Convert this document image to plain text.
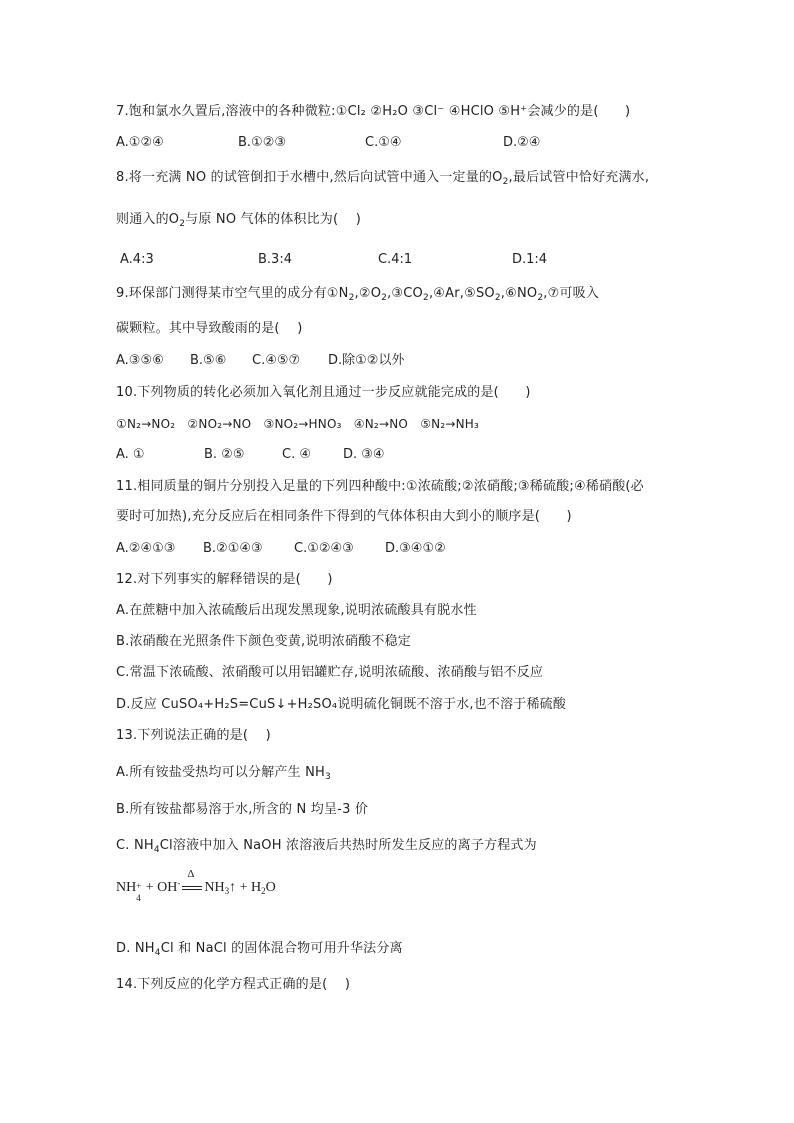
7.饱和氯水久置后,溶液中的各种微粒:①Cl₂ ②H₂O ③Cl⁻ ④HClO ⑤H⁺会减少的是(　　)
A.①②④	B.①②③	C.①④	D.②④
8.将一充满 NO 的试管倒扣于水槽中,然后向试管中通入一定量的$O_2$,最后试管中恰好充满水,
则通入的$O_2$与原 NO 气体的体积比为(　 )
A.4:3	B.3:4	C.4:1	D.1:4
9.环保部门测得某市空气里的成分有$①N_2,②O_2,③CO_2,④Ar,⑤SO_2,⑥NO_2,⑦$可吸入
碳颗粒。其中导致酸雨的是(　 )
A.③⑤⑥ B.⑤⑥ C.④⑤⑦ D.除①②以外
10.下列物质的转化必须加入氧化剂且通过一步反应就能完成的是(　　)
①N₂→NO₂　②NO₂→NO　③NO₂→HNO₃　④N₂→NO　⑤N₂→NH₃
A. ①	B. ②⑤	C. ④ D. ③④
11.相同质量的铜片分别投入足量的下列四种酸中:①浓硫酸;②浓硝酸;③稀硫酸;④稀硝酸(必
要时可加热),充分反应后在相同条件下得到的气体体积由大到小的顺序是(　　)
A.②④①③ B.②①④③ C.①②④③ D.③④①②
12.对下列事实的解释错误的是(　　)
A.在蔗糖中加入浓硫酸后出现发黑现象,说明浓硫酸具有脱水性
B.浓硝酸在光照条件下颜色变黄,说明浓硝酸不稳定
C.常温下浓硫酸、浓硝酸可以用铝罐贮存,说明浓硫酸、浓硝酸与铝不反应
D.反应 CuSO₄+H₂S=CuS↓+H₂SO₄说明硫化铜既不溶于水,也不溶于稀硫酸
13.下列说法正确的是(　 )
A.所有铵盐受热均可以分解产生 $NH_3$
B.所有铵盐都易溶于水,所含的 N 均呈-3 价
C. $NH_4Cl$溶液中加入 NaOH 浓溶液后共热时所发生反应的离子方程式为
NH +
4
+ OH-
Δ
$NH_3↑ + H_2O$
D. $NH_4Cl$ 和 NaCl 的固体混合物可用升华法分离
14.下列反应的化学方程式正确的是(　 )
